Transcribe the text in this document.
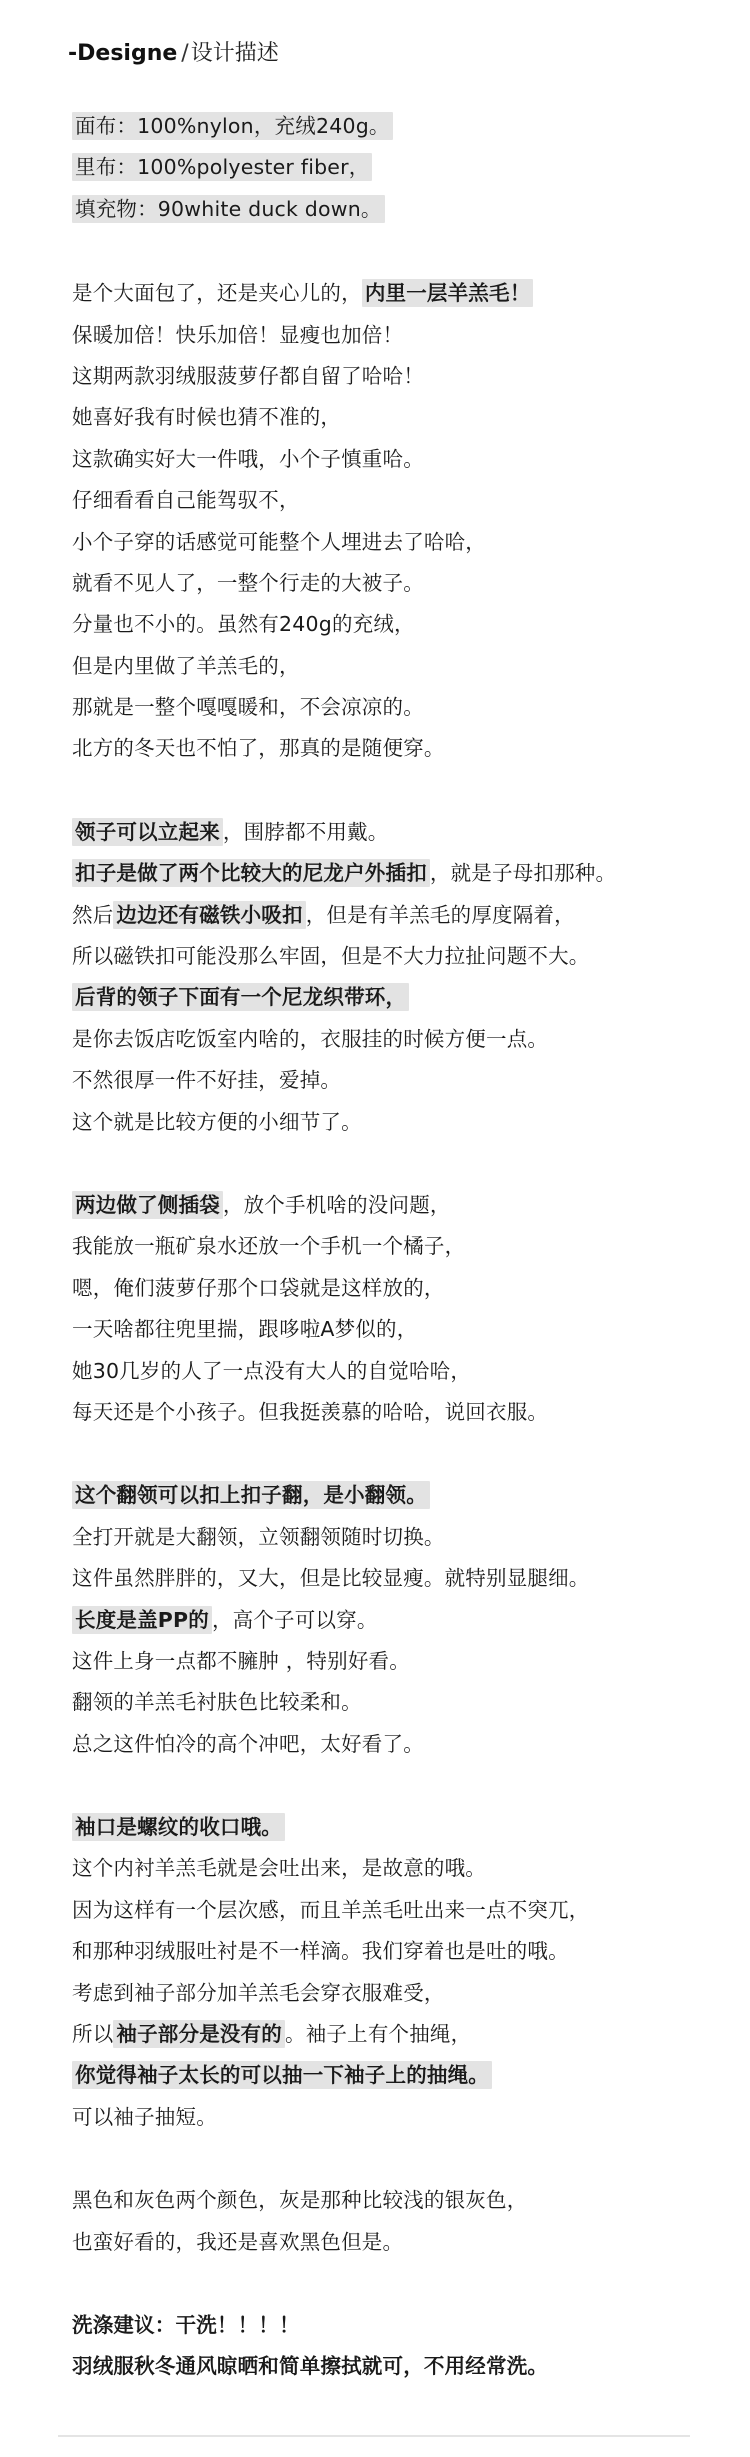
-Designe / 设计描述
面布：100%nylon，充绒240g。
里布：100%polyester fiber，
填充物：90white duck down。
是个大面包了，还是夹心儿的， 内里一层羊羔毛！
保暖加倍！快乐加倍！显瘦也加倍！
这期两款羽绒服菠萝仔都自留了哈哈！
她喜好我有时候也猜不准的，
这款确实好大一件哦，小个子慎重哈。
仔细看看自己能驾驭不，
小个子穿的话感觉可能整个人埋进去了哈哈，
就看不见人了，一整个行走的大被子。
分量也不小的。虽然有240g的充绒，
但是内里做了羊羔毛的，
那就是一整个嘎嘎暖和，不会凉凉的。
北方的冬天也不怕了，那真的是随便穿。
领子可以立起来 ，围脖都不用戴。
扣子是做了两个比较大的尼龙户外插扣 ，就是子母扣那种。
然后 边边还有磁铁小吸扣 ，但是有羊羔毛的厚度隔着，
所以磁铁扣可能没那么牢固，但是不大力拉扯问题不大。
后背的领子下面有一个尼龙织带环，
是你去饭店吃饭室内啥的，衣服挂的时候方便一点。
不然很厚一件不好挂，爱掉。
这个就是比较方便的小细节了。
两边做了侧插袋 ，放个手机啥的没问题，
我能放一瓶矿泉水还放一个手机一个橘子，
嗯，俺们菠萝仔那个口袋就是这样放的，
一天啥都往兜里揣，跟哆啦A梦似的，
她30几岁的人了一点没有大人的自觉哈哈，
每天还是个小孩子。但我挺羡慕的哈哈，说回衣服。
这个翻领可以扣上扣子翻，是小翻领。
全打开就是大翻领，立领翻领随时切换。
这件虽然胖胖的，又大，但是比较显瘦。就特别显腿细。
长度是盖PP的 ，高个子可以穿。
这件上身一点都不臃肿 ，特别好看。
翻领的羊羔毛衬肤色比较柔和。
总之这件怕冷的高个冲吧，太好看了。
袖口是螺纹的收口哦。
这个内衬羊羔毛就是会吐出来，是故意的哦。
因为这样有一个层次感，而且羊羔毛吐出来一点不突兀，
和那种羽绒服吐衬是不一样滴。我们穿着也是吐的哦。
考虑到袖子部分加羊羔毛会穿衣服难受，
所以 袖子部分是没有的 。袖子上有个抽绳，
你觉得袖子太长的可以抽一下袖子上的抽绳。
可以袖子抽短。
黑色和灰色两个颜色，灰是那种比较浅的银灰色，
也蛮好看的，我还是喜欢黑色但是。
洗涤建议：干洗！！！！
羽绒服秋冬通风晾晒和简单擦拭就可，不用经常洗。
